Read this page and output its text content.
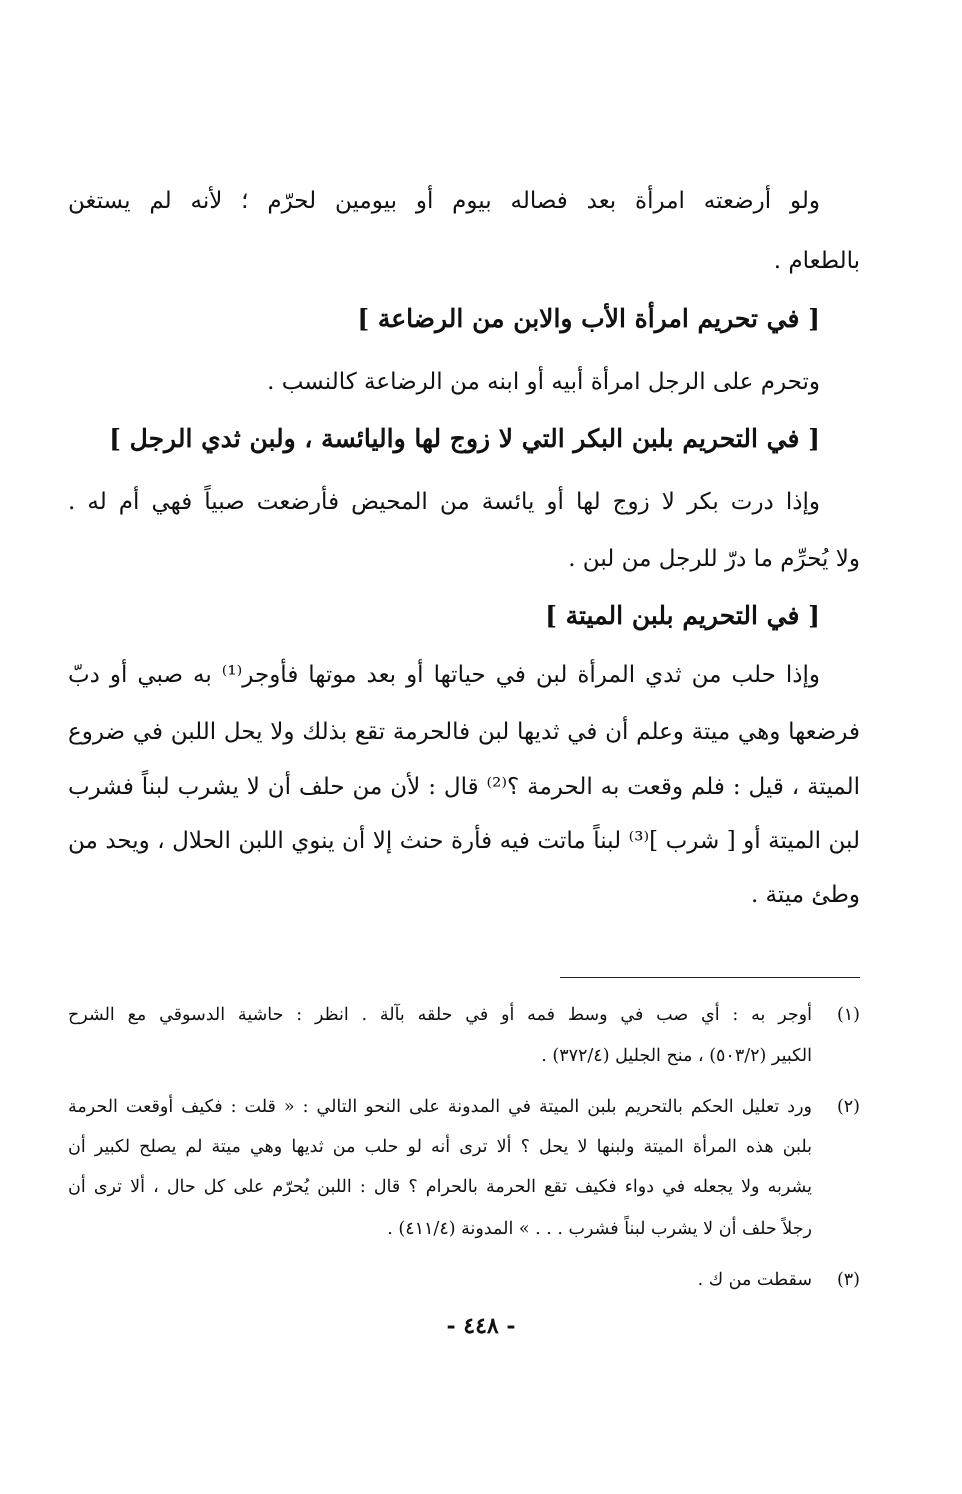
ولو أرضعته امرأة بعد فصاله بيوم أو بيومين لحرّم ؛ لأنه لم يستغن
بالطعام .
[ في تحريم امرأة الأب والابن من الرضاعة ]
وتحرم على الرجل امرأة أبيه أو ابنه من الرضاعة كالنسب .
[ في التحريم بلبن البكر التي لا زوج لها واليائسة ، ولبن ثدي الرجل ]
وإذا درت بكر لا زوج لها أو يائسة من المحيض فأرضعت صبياً فهي أم له .
ولا يُحرِّم ما درّ للرجل من لبن .
[ في التحريم بلبن الميتة ]
وإذا حلب من ثدي المرأة لبن في حياتها أو بعد موتها فأوجر⁽¹⁾ به صبي أو دبّ
فرضعها وهي ميتة وعلم أن في ثديها لبن فالحرمة تقع بذلك ولا يحل اللبن في ضروع
الميتة ، قيل : فلم وقعت به الحرمة ؟⁽²⁾ قال : لأن من حلف أن لا يشرب لبناً فشرب
لبن الميتة أو [ شرب ]⁽³⁾ لبناً ماتت فيه فأرة حنث إلا أن ينوي اللبن الحلال ، ويحد من
وطئ ميتة .
(١)
أوجر به : أي صب في وسط فمه أو في حلقه بآلة . انظر : حاشية الدسوقي مع الشرح
الكبير (٥٠٣/٢) ، منح الجليل (٣٧٢/٤) .
(٢)
ورد تعليل الحكم بالتحريم بلبن الميتة في المدونة على النحو التالي : « قلت : فكيف أوقعت الحرمة
بلبن هذه المرأة الميتة ولبنها لا يحل ؟ ألا ترى أنه لو حلب من ثديها وهي ميتة لم يصلح لكبير أن
يشربه ولا يجعله في دواء فكيف تقع الحرمة بالحرام ؟ قال : اللبن يُحرّم على كل حال ، ألا ترى أن
رجلاً حلف أن لا يشرب لبناً فشرب . . . » المدونة (٤١١/٤) .
(٣)
سقطت من ك .
- ٤٤٨ -
